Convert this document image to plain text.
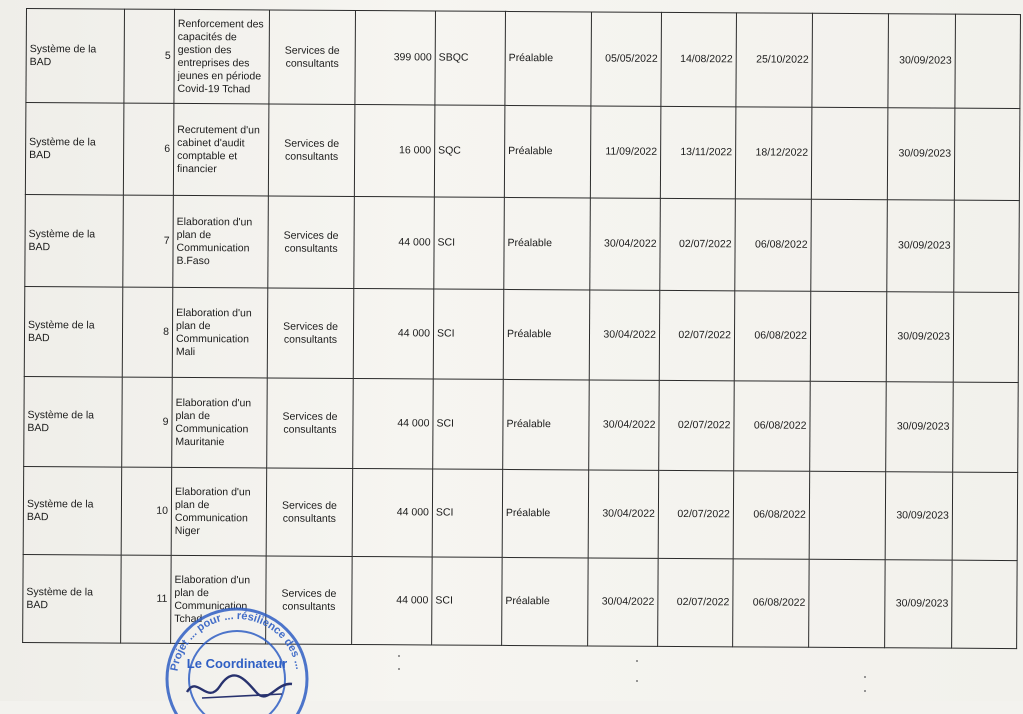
Système de la BAD	5	Renforcement des capacités de gestion des entreprises des jeunes en période Covid-19 Tchad	Services de consultants	399 000	SBQC	Préalable	05/05/2022	14/08/2022	25/10/2022		30/09/2023	
Système de la BAD	6	Recrutement d'un cabinet d'audit comptable et financier	Services de consultants	16 000	SQC	Préalable	11/09/2022	13/11/2022	18/12/2022		30/09/2023	
Système de la BAD	7	Elaboration d'un plan de Communication B.Faso	Services de consultants	44 000	SCI	Préalable	30/04/2022	02/07/2022	06/08/2022		30/09/2023	
Système de la BAD	8	Elaboration d'un plan de Communication Mali	Services de consultants	44 000	SCI	Préalable	30/04/2022	02/07/2022	06/08/2022		30/09/2023	
Système de la BAD	9	Elaboration d'un plan de Communication Mauritanie	Services de consultants	44 000	SCI	Préalable	30/04/2022	02/07/2022	06/08/2022		30/09/2023	
Système de la BAD	10	Elaboration d'un plan de Communication Niger	Services de consultants	44 000	SCI	Préalable	30/04/2022	02/07/2022	06/08/2022		30/09/2023	
Système de la BAD	11	Elaboration d'un plan de Communication Tchad	Services de consultants	44 000	SCI	Préalable	30/04/2022	02/07/2022	06/08/2022		30/09/2023	
Projet ... pour ... résilience des ...
Le Coordinateur
